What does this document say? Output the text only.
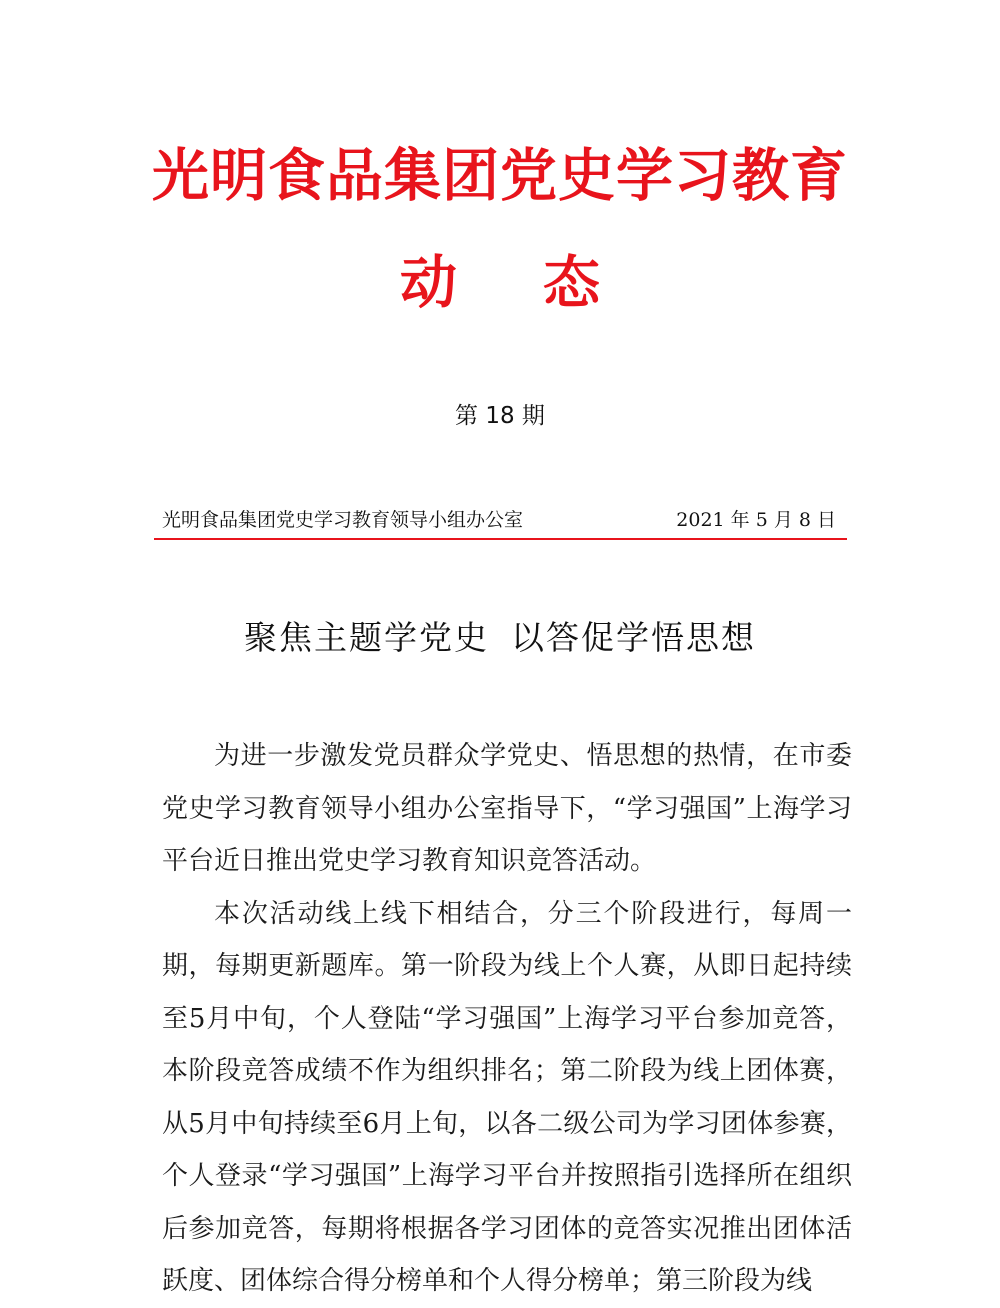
光明食品集团党史学习教育
动 态
第 18 期
光明食品集团党史学习教育领导小组办公室	2021 年 5 月 8 日
聚焦主题学党史 以答促学悟思想

为进一步激发党员群众学党史、悟思想的热情，在市委党史学习教育领导小组办公室指导下，“学习强国”上海学习平台近日推出党史学习教育知识竞答活动。

本次活动线上线下相结合，分三个阶段进行，每周一期，每期更新题库。第一阶段为线上个人赛，从即日起持续至5月中旬，个人登陆“学习强国”上海学习平台参加竞答，本阶段竞答成绩不作为组织排名；第二阶段为线上团体赛，从5月中旬持续至6月上旬，以各二级公司为学习团体参赛，个人登录“学习强国”上海学习平台并按照指引选择所在组织后参加竞答，每期将根据各学习团体的竞答实况推出团体活跃度、团体综合得分榜单和个人得分榜单；第三阶段为线
